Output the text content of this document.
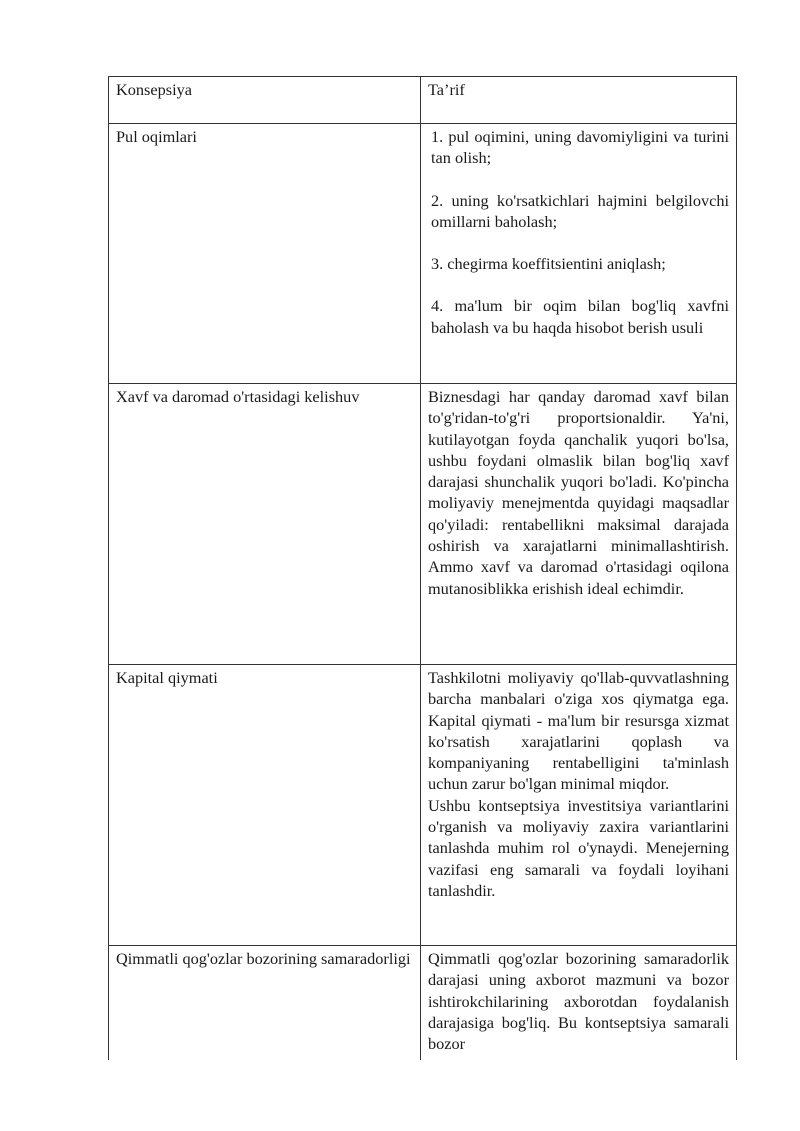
Konsepsiya	Ta’rif
Pul oqimlari	1. pul oqimini, uning davomiyligini va turini tan olish;

2. uning ko'rsatkichlari hajmini belgilovchi omillarni baholash;

3. chegirma koeffitsientini aniqlash;

4. ma'lum bir oqim bilan bog'liq xavfni baholash va bu haqda hisobot berish usuli

Xavf va daromad o'rtasidagi kelishuv	Biznesdagi har qanday daromad xavf bilan to'g'ridan-to'g'ri proportsionaldir. Ya'ni, kutilayotgan foyda qanchalik yuqori bo'lsa, ushbu foydani olmaslik bilan bog'liq xavf darajasi shunchalik yuqori bo'ladi. Ko'pincha moliyaviy menejmentda quyidagi maqsadlar qo'yiladi: rentabellikni maksimal darajada oshirish va xarajatlarni minimallashtirish. Ammo xavf va daromad o'rtasidagi oqilona mutanosiblikka erishish ideal echimdir.
Kapital qiymati	Tashkilotni moliyaviy qo'llab-quvvatlashning barcha manbalari o'ziga xos qiymatga ega. Kapital qiymati - ma'lum bir resursga xizmat ko'rsatish xarajatlarini qoplash va kompaniyaning rentabelligini ta'minlash uchun zarur bo'lgan minimal miqdor.

Ushbu kontseptsiya investitsiya variantlarini o'rganish va moliyaviy zaxira variantlarini tanlashda muhim rol o'ynaydi. Menejerning vazifasi eng samarali va foydali loyihani tanlashdir.

Qimmatli qog'ozlar bozorining samaradorligi	Qimmatli qog'ozlar bozorining samaradorlik darajasi uning axborot mazmuni va bozor ishtirokchilarining axborotdan foydalanish darajasiga bog'liq. Bu kontseptsiya samarali bozor
